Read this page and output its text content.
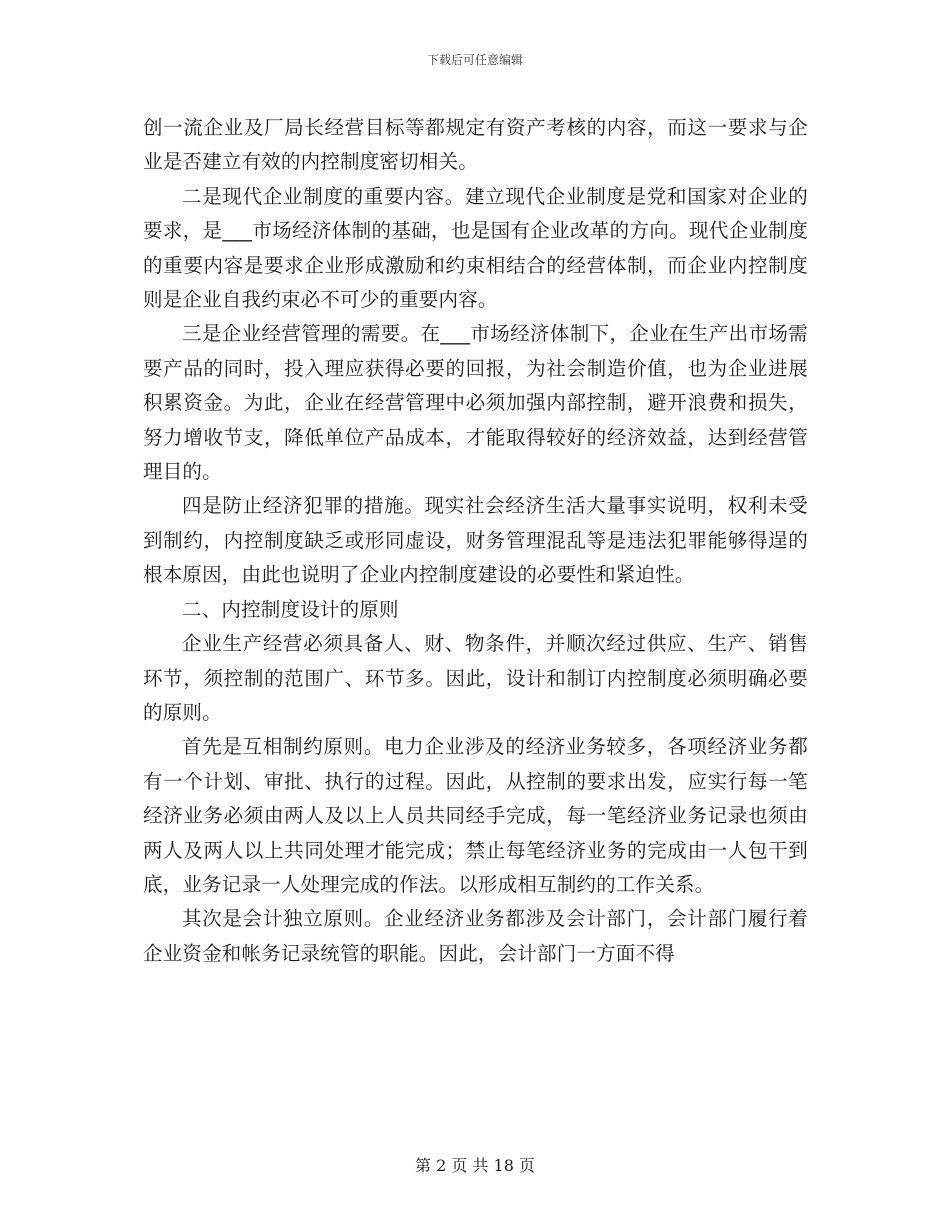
下载后可任意编辑

创一流企业及厂局长经营目标等都规定有资产考核的内容，而这一要求与企业是否建立有效的内控制度密切相关。

二是现代企业制度的重要内容。建立现代企业制度是党和国家对企业的要求，是___市场经济体制的基础，也是国有企业改革的方向。现代企业制度的重要内容是要求企业形成激励和约束相结合的经营体制，而企业内控制度则是企业自我约束必不可少的重要内容。

三是企业经营管理的需要。在___市场经济体制下，企业在生产出市场需要产品的同时，投入理应获得必要的回报，为社会制造价值，也为企业进展积累资金。为此，企业在经营管理中必须加强内部控制，避开浪费和损失，努力增收节支，降低单位产品成本，才能取得较好的经济效益，达到经营管理目的。

四是防止经济犯罪的措施。现实社会经济生活大量事实说明，权利未受到制约，内控制度缺乏或形同虚设，财务管理混乱等是违法犯罪能够得逞的根本原因，由此也说明了企业内控制度建设的必要性和紧迫性。

二、内控制度设计的原则

企业生产经营必须具备人、财、物条件，并顺次经过供应、生产、销售环节，须控制的范围广、环节多。因此，设计和制订内控制度必须明确必要的原则。

首先是互相制约原则。电力企业涉及的经济业务较多，各项经济业务都有一个计划、审批、执行的过程。因此，从控制的要求出发，应实行每一笔经济业务必须由两人及以上人员共同经手完成，每一笔经济业务记录也须由两人及两人以上共同处理才能完成；禁止每笔经济业务的完成由一人包干到底，业务记录一人处理完成的作法。以形成相互制约的工作关系。

其次是会计独立原则。企业经济业务都涉及会计部门，会计部门履行着企业资金和帐务记录统管的职能。因此，会计部门一方面不得

第 2 页 共 18 页
